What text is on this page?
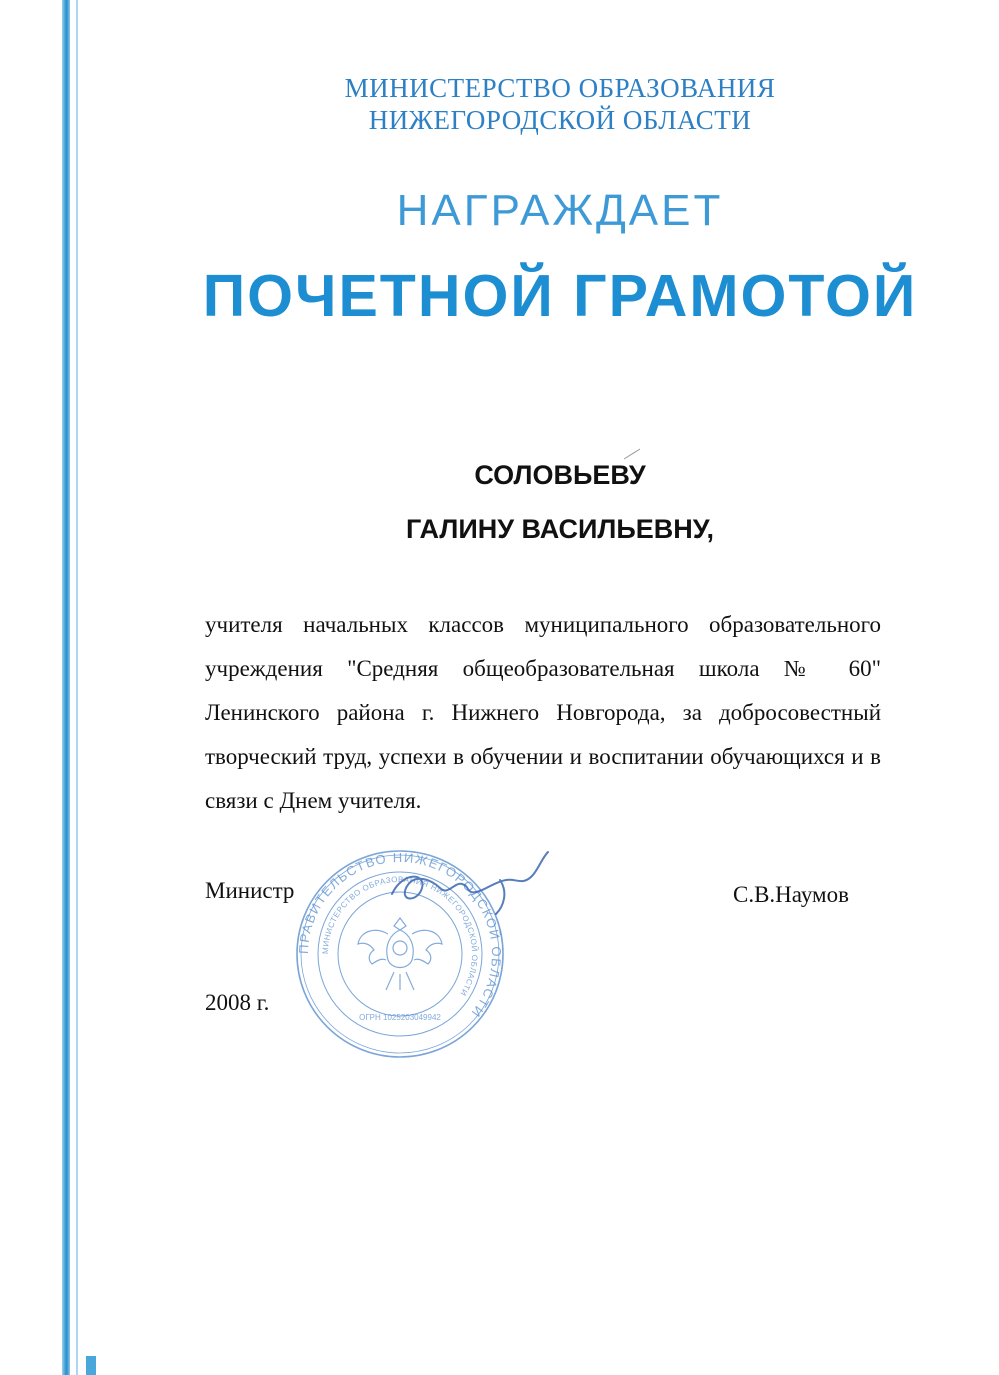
МИНИСТЕРСТВО ОБРАЗОВАНИЯ
НИЖЕГОРОДСКОЙ ОБЛАСТИ
НАГРАЖДАЕТ
ПОЧЕТНОЙ ГРАМОТОЙ
СОЛОВЬЕВУ
ГАЛИНУ ВАСИЛЬЕВНУ,
учителя начальных классов муниципального образовательного учреждения "Средняя общеобразовательная школа № 60" Ленинского района г. Нижнего Новгорода, за добросовестный творческий труд, успехи в обучении и воспитании обучающихся и в связи с Днем учителя.
Министр	С.В.Наумов
2008 г.
ПРАВИТЕЛЬСТВО НИЖЕГОРОДСКОЙ ОБЛАСТИ
МИНИСТЕРСТВО ОБРАЗОВАНИЯ НИЖЕГОРОДСКОЙ ОБЛАСТИ
ОГРН 1025203049942
